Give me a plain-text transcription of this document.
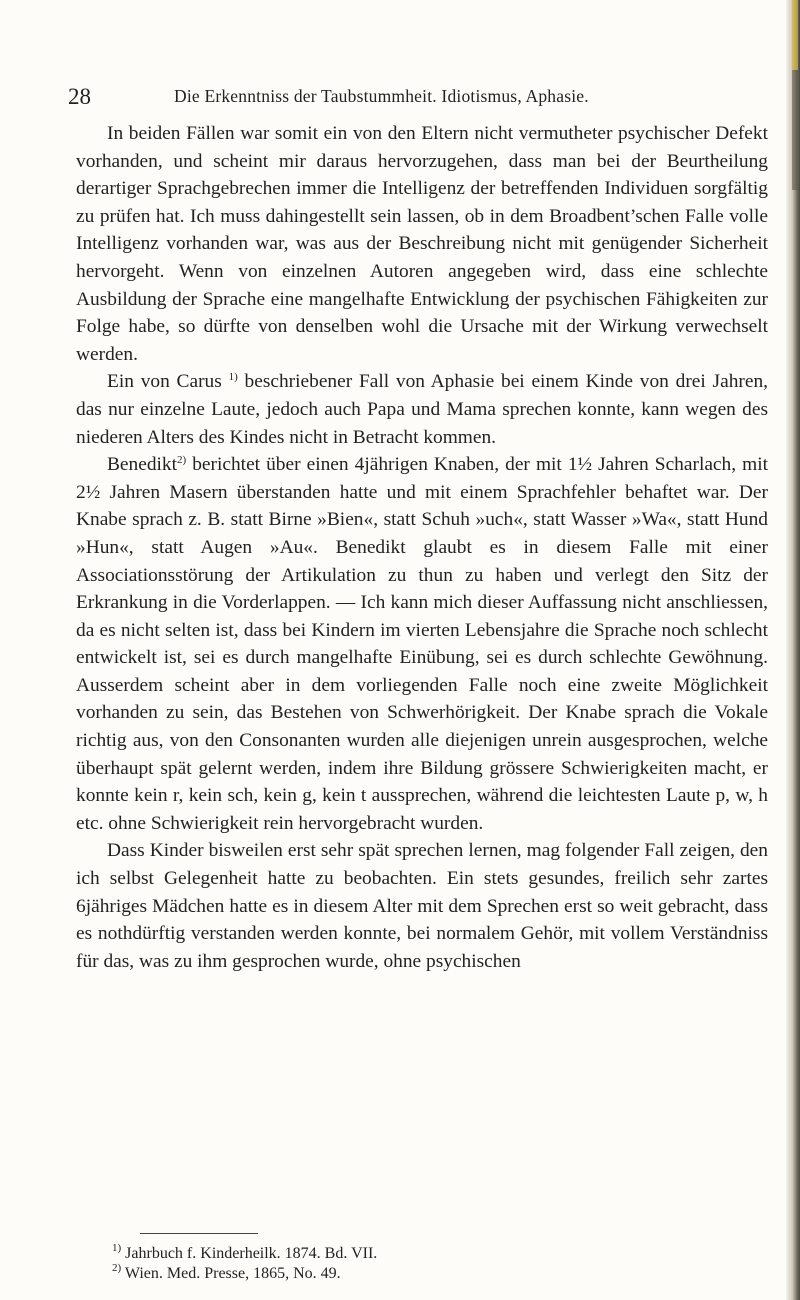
28	Die Erkenntniss der Taubstummheit. Idiotismus, Aphasie.

In beiden Fällen war somit ein von den Eltern nicht vermutheter psychischer Defekt vorhanden, und scheint mir daraus hervorzugehen, dass man bei der Beurtheilung derartiger Sprachgebrechen immer die Intelligenz der betreffenden Individuen sorgfältig zu prüfen hat. Ich muss dahingestellt sein lassen, ob in dem Broadbent’schen Falle volle Intelligenz vorhanden war, was aus der Beschreibung nicht mit genügender Sicherheit hervorgeht. Wenn von einzelnen Autoren angegeben wird, dass eine schlechte Ausbildung der Sprache eine mangelhafte Entwicklung der psychischen Fähigkeiten zur Folge habe, so dürfte von denselben wohl die Ursache mit der Wirkung verwechselt werden.

Ein von Carus $^{1)}$ beschriebener Fall von Aphasie bei einem Kinde von drei Jahren, das nur einzelne Laute, jedoch auch Papa und Mama sprechen konnte, kann wegen des niederen Alters des Kindes nicht in Betracht kommen.

Benedikt$^{2)}$ berichtet über einen 4jährigen Knaben, der mit 1½ Jahren Scharlach, mit 2½ Jahren Masern überstanden hatte und mit einem Sprachfehler behaftet war. Der Knabe sprach z. B. statt Birne »Bien«, statt Schuh »uch«, statt Wasser »Wa«, statt Hund »Hun«, statt Augen »Au«. Benedikt glaubt es in diesem Falle mit einer Associationsstörung der Artikulation zu thun zu haben und verlegt den Sitz der Erkrankung in die Vorderlappen. — Ich kann mich dieser Auffassung nicht anschliessen, da es nicht selten ist, dass bei Kindern im vierten Lebensjahre die Sprache noch schlecht entwickelt ist, sei es durch mangelhafte Einübung, sei es durch schlechte Gewöhnung. Ausserdem scheint aber in dem vorliegenden Falle noch eine zweite Möglichkeit vorhanden zu sein, das Bestehen von Schwerhörigkeit. Der Knabe sprach die Vokale richtig aus, von den Consonanten wurden alle diejenigen unrein ausgesprochen, welche überhaupt spät gelernt werden, indem ihre Bildung grössere Schwierigkeiten macht, er konnte kein r, kein sch, kein g, kein t aussprechen, während die leichtesten Laute p, w, h etc. ohne Schwierigkeit rein hervorgebracht wurden.

Dass Kinder bisweilen erst sehr spät sprechen lernen, mag folgender Fall zeigen, den ich selbst Gelegenheit hatte zu beobachten. Ein stets gesundes, freilich sehr zartes 6jähriges Mädchen hatte es in diesem Alter mit dem Sprechen erst so weit gebracht, dass es nothdürftig verstanden werden konnte, bei normalem Gehör, mit vollem Verständniss für das, was zu ihm gesprochen wurde, ohne psychischen

$^{1)}$ Jahrbuch f. Kinderheilk. 1874. Bd. VII.
$^{2)}$ Wien. Med. Presse, 1865, No. 49.
